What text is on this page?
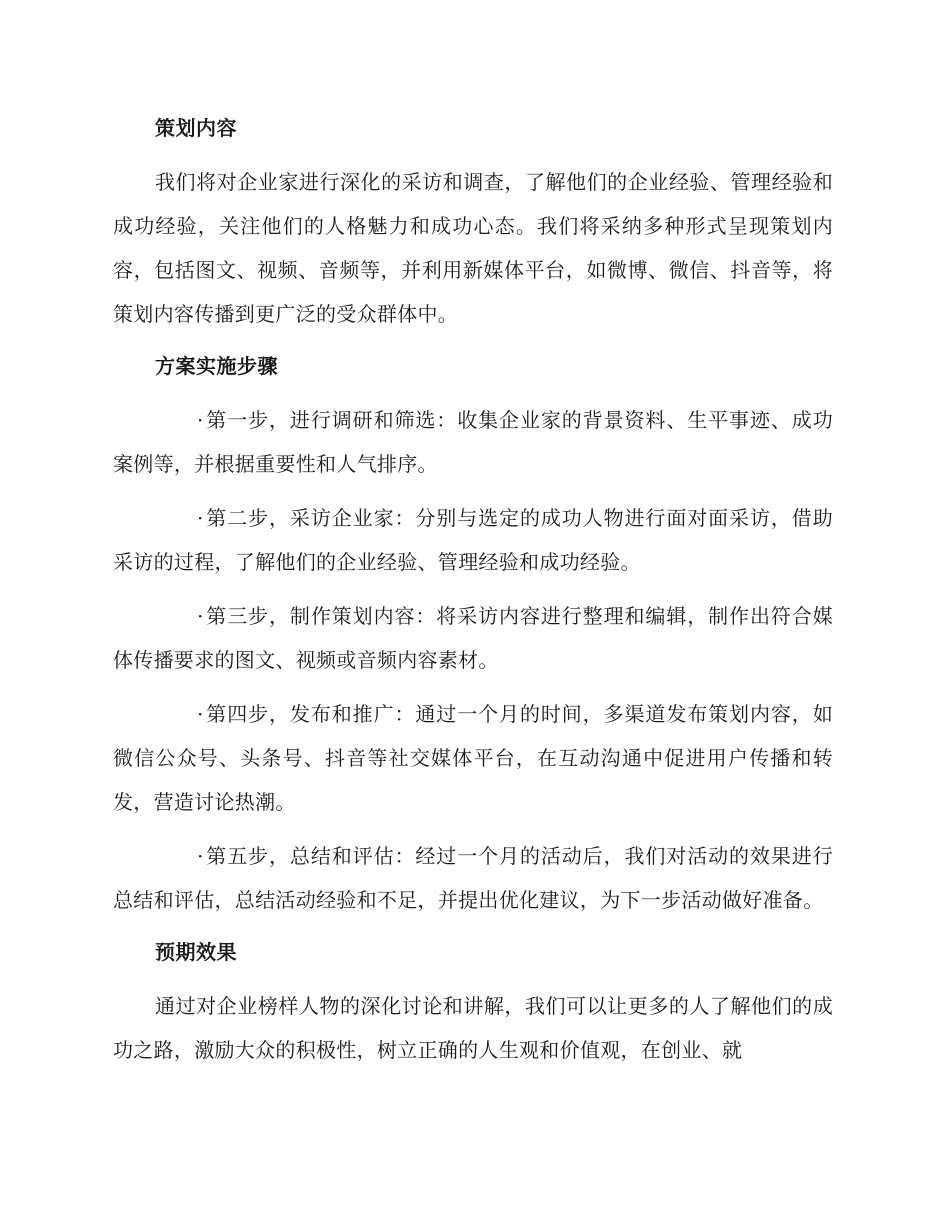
策划内容

我们将对企业家进行深化的采访和调查，了解他们的企业经验、管理经验和成功经验，关注他们的人格魅力和成功心态。我们将采纳多种形式呈现策划内容，包括图文、视频、音频等，并利用新媒体平台，如微博、微信、抖音等，将策划内容传播到更广泛的受众群体中。

方案实施步骤

· 第一步，进行调研和筛选：收集企业家的背景资料、生平事迹、成功案例等，并根据重要性和人气排序。

· 第二步，采访企业家：分别与选定的成功人物进行面对面采访，借助采访的过程，了解他们的企业经验、管理经验和成功经验。

· 第三步，制作策划内容：将采访内容进行整理和编辑，制作出符合媒体传播要求的图文、视频或音频内容素材。

· 第四步，发布和推广：通过一个月的时间，多渠道发布策划内容，如微信公众号、头条号、抖音等社交媒体平台，在互动沟通中促进用户传播和转发，营造讨论热潮。

· 第五步，总结和评估：经过一个月的活动后，我们对活动的效果进行总结和评估，总结活动经验和不足，并提出优化建议，为下一步活动做好准备。

预期效果

通过对企业榜样人物的深化讨论和讲解，我们可以让更多的人了解他们的成功之路，激励大众的积极性，树立正确的人生观和价值观，在创业、就
